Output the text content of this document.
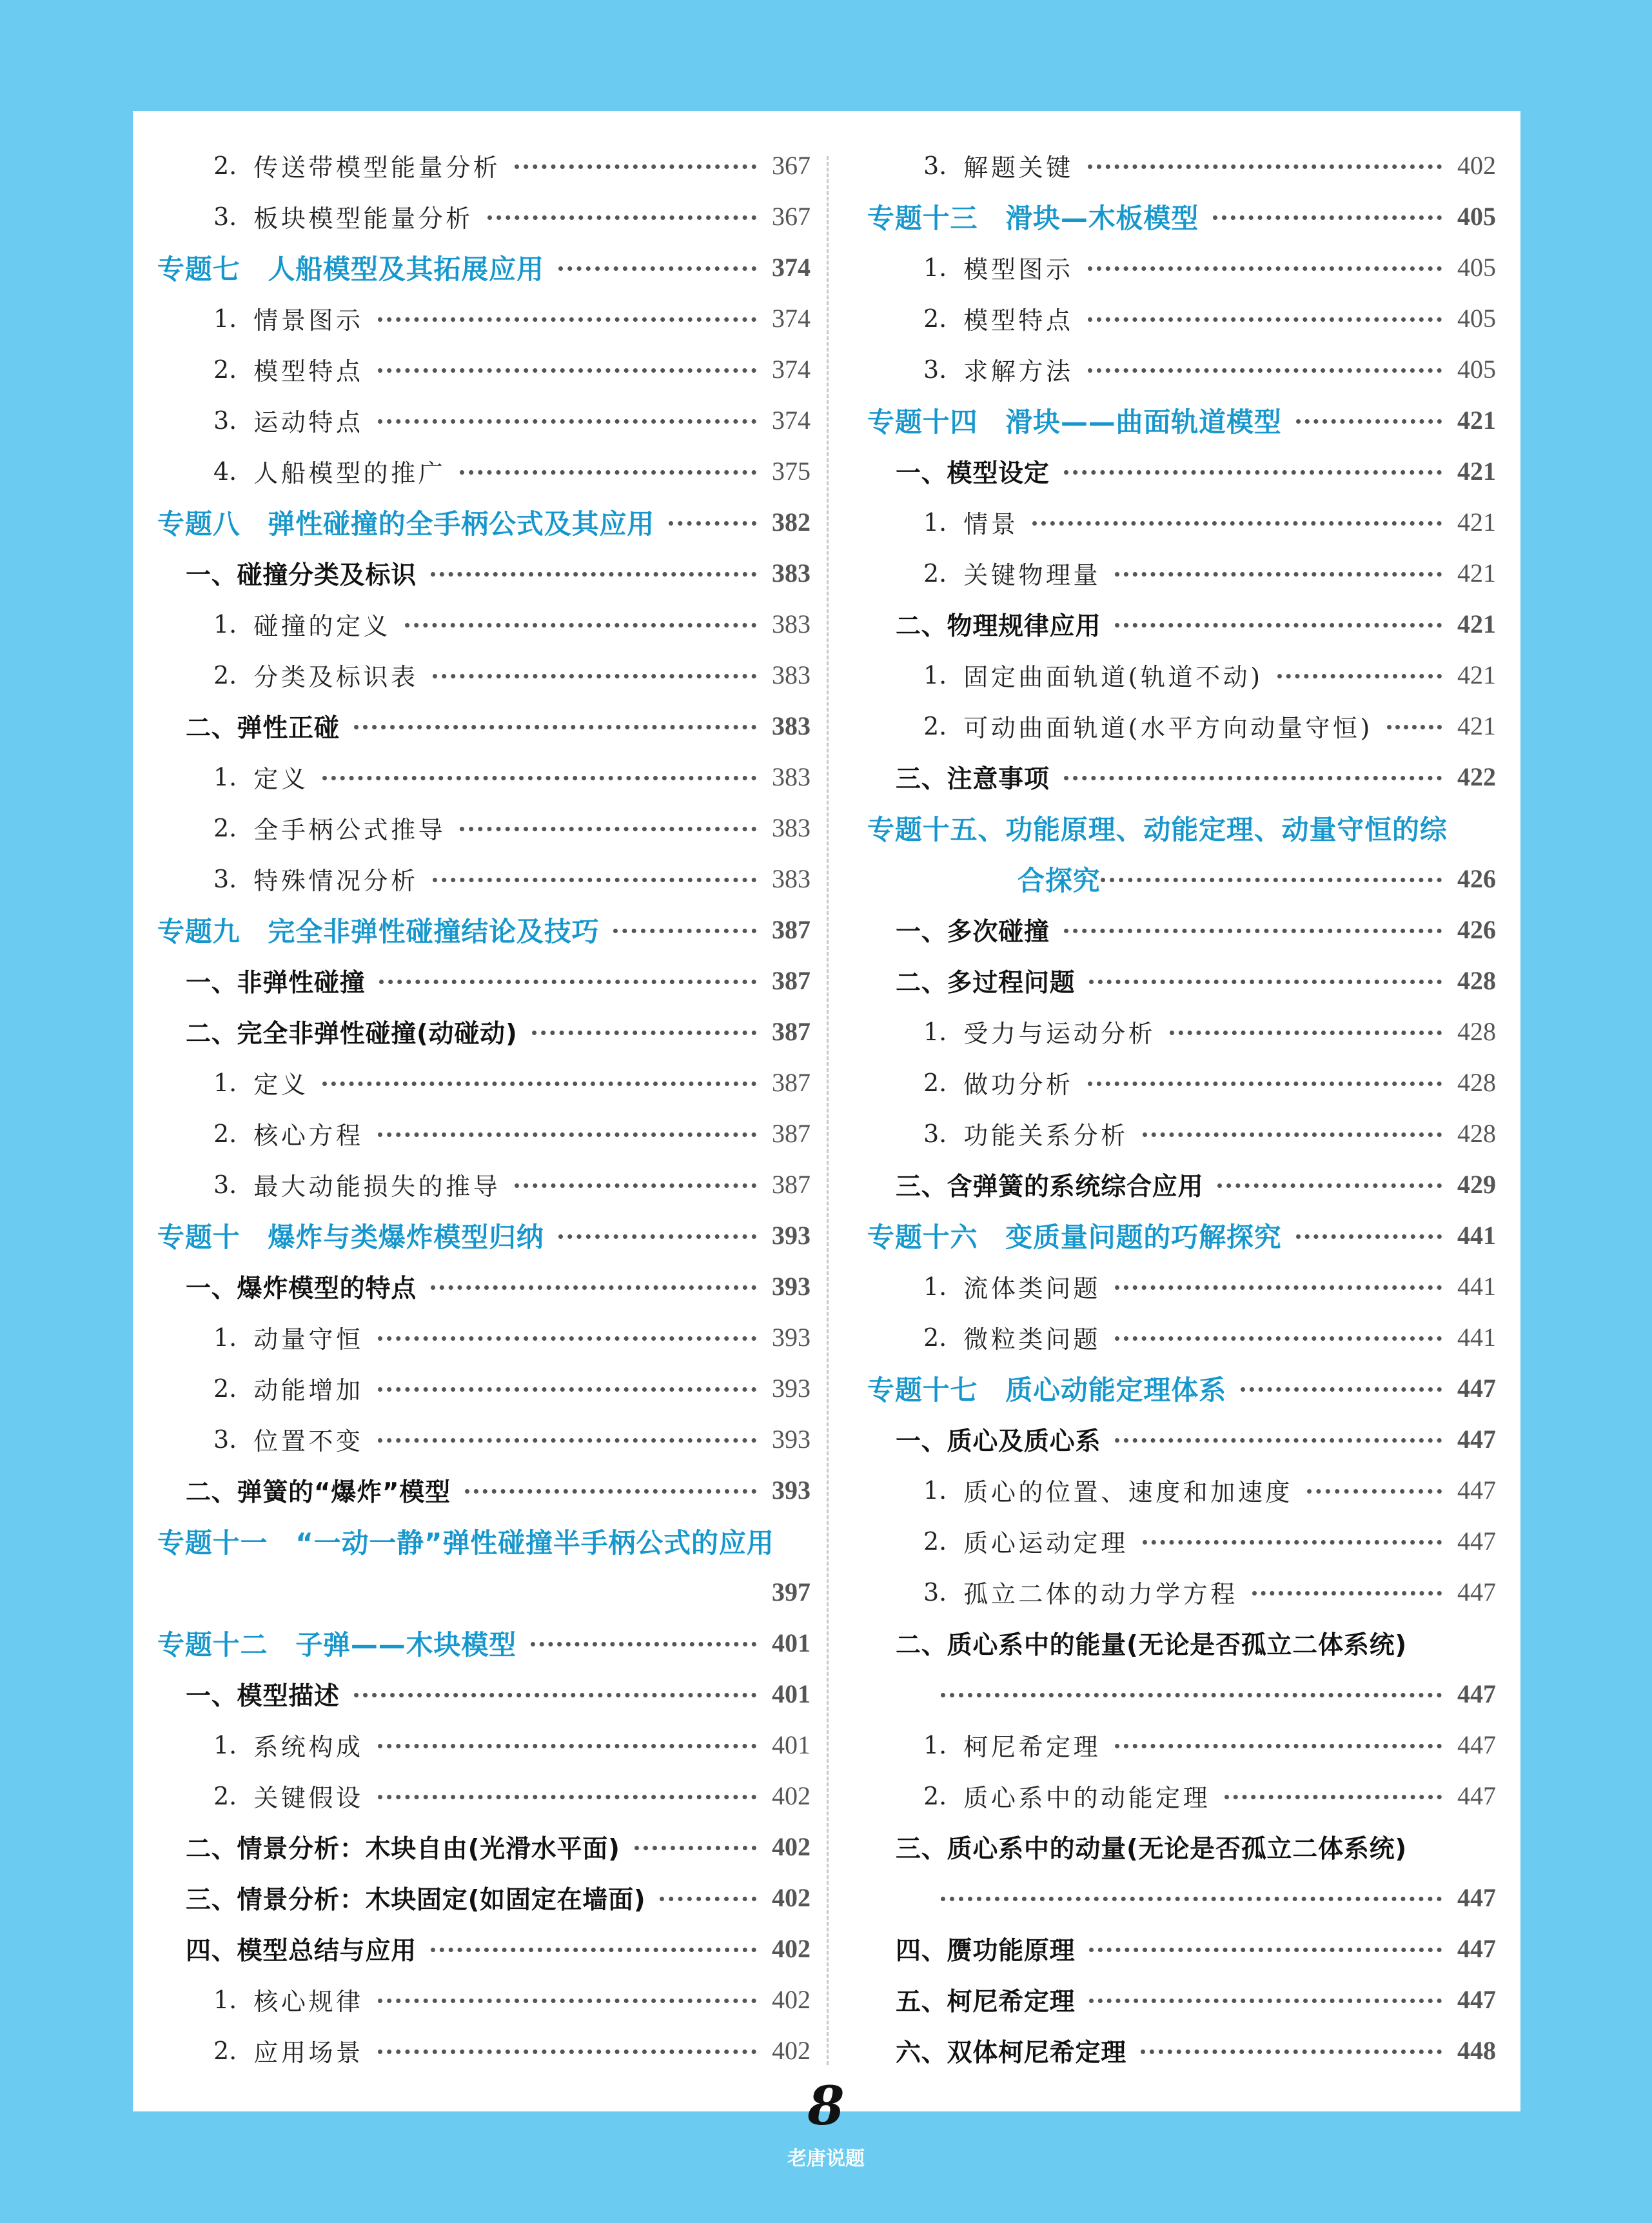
2. 传送带模型能量分析	367
3. 板块模型能量分析	367
专题七　人船模型及其拓展应用	374
1. 情景图示	374
2. 模型特点	374
3. 运动特点	374
4. 人船模型的推广	375
专题八　弹性碰撞的全手柄公式及其应用	382
一、碰撞分类及标识	383
1. 碰撞的定义	383
2. 分类及标识表	383
二、弹性正碰	383
1. 定义	383
2. 全手柄公式推导	383
3. 特殊情况分析	383
专题九　完全非弹性碰撞结论及技巧	387
一、非弹性碰撞	387
二、完全非弹性碰撞(动碰动)	387
1. 定义	387
2. 核心方程	387
3. 最大动能损失的推导	387
专题十　爆炸与类爆炸模型归纳	393
一、爆炸模型的特点	393
1. 动量守恒	393
2. 动能增加	393
3. 位置不变	393
二、弹簧的“爆炸”模型	393
专题十一　“一动一静”弹性碰撞半手柄公式的应用
397
专题十二　子弹——木块模型	401
一、模型描述	401
1. 系统构成	401
2. 关键假设	402
二、情景分析：木块自由(光滑水平面)	402
三、情景分析：木块固定(如固定在墙面)	402
四、模型总结与应用	402
1. 核心规律	402
2. 应用场景	402
3. 解题关键	402
专题十三　滑块—木板模型	405
1. 模型图示	405
2. 模型特点	405
3. 求解方法	405
专题十四　滑块——曲面轨道模型	421
一、模型设定	421
1. 情景	421
2. 关键物理量	421
二、物理规律应用	421
1. 固定曲面轨道(轨道不动)	421
2. 可动曲面轨道(水平方向动量守恒)	421
三、注意事项	422
专题十五、功能原理、动能定理、动量守恒的综
合探究	426
一、多次碰撞	426
二、多过程问题	428
1. 受力与运动分析	428
2. 做功分析	428
3. 功能关系分析	428
三、含弹簧的系统综合应用	429
专题十六　变质量问题的巧解探究	441
1. 流体类问题	441
2. 微粒类问题	441
专题十七　质心动能定理体系	447
一、质心及质心系	447
1. 质心的位置、速度和加速度	447
2. 质心运动定理	447
3. 孤立二体的动力学方程	447
二、质心系中的能量(无论是否孤立二体系统)
447
1. 柯尼希定理	447
2. 质心系中的动能定理	447
三、质心系中的动量(无论是否孤立二体系统)
447
四、赝功能原理	447
五、柯尼希定理	447
六、双体柯尼希定理	448
8
老唐说题
